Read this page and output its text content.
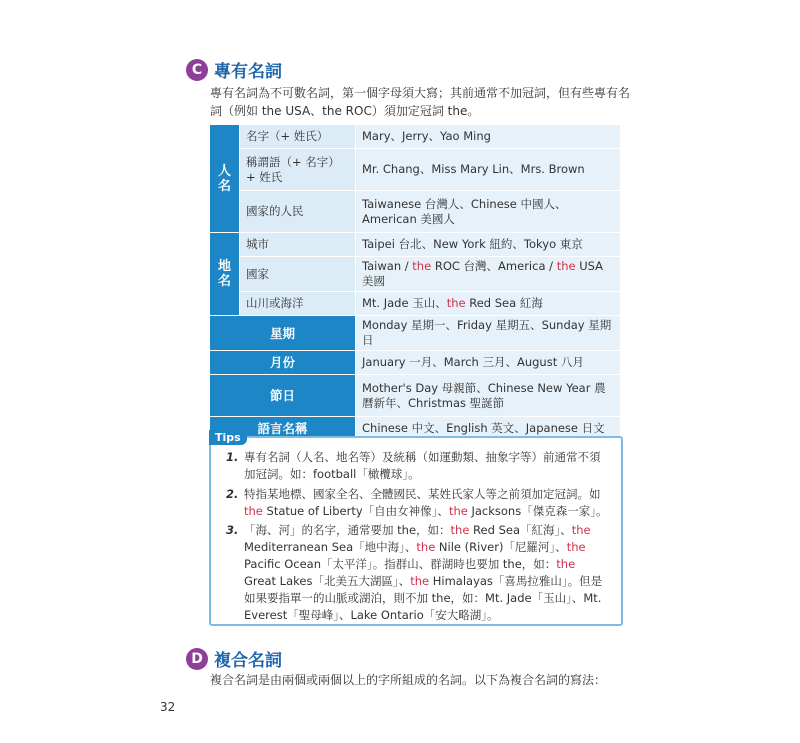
C 專有名詞
專有名詞為不可數名詞，第一個字母須大寫；其前通常不加冠詞，但有些專有名詞（例如 the USA、the ROC）須加定冠詞 the。
人名	名字（+ 姓氏）	Mary、Jerry、Yao Ming
	稱謂語（+ 名字）+ 姓氏	Mr. Chang、Miss Mary Lin、Mrs. Brown
	國家的人民	Taiwanese 台灣人、Chinese 中國人、American 美國人
地名	城市	Taipei 台北、New York 紐約、Tokyo 東京
	國家	Taiwan / the ROC 台灣、America / the USA 美國
	山川或海洋	Mt. Jade 玉山、the Red Sea 紅海
星期		Monday 星期一、Friday 星期五、Sunday 星期日
月份		January 一月、March 三月、August 八月
節日		Mother's Day 母親節、Chinese New Year 農曆新年、Christmas 聖誕節
語言名稱		Chinese 中文、English 英文、Japanese 日文
Tips
1. 專有名詞（人名、地名等）及統稱（如運動類、抽象字等）前通常不須加冠詞。如：football「橄欖球」。
2. 特指某地標、國家全名、全體國民、某姓氏家人等之前須加定冠詞。如 the Statue of Liberty「自由女神像」、the Jacksons「傑克森一家」。
3. 「海、河」的名字，通常要加 the，如：the Red Sea「紅海」、the Mediterranean Sea「地中海」、the Nile (River)「尼羅河」、the Pacific Ocean「太平洋」。指群山、群湖時也要加 the，如：the Great Lakes「北美五大湖區」、the Himalayas「喜馬拉雅山」。但是如果要指單一的山脈或湖泊，則不加 the，如：Mt. Jade「玉山」、Mt. Everest「聖母峰」、Lake Ontario「安大略湖」。
D 複合名詞
複合名詞是由兩個或兩個以上的字所組成的名詞。以下為複合名詞的寫法：
32
